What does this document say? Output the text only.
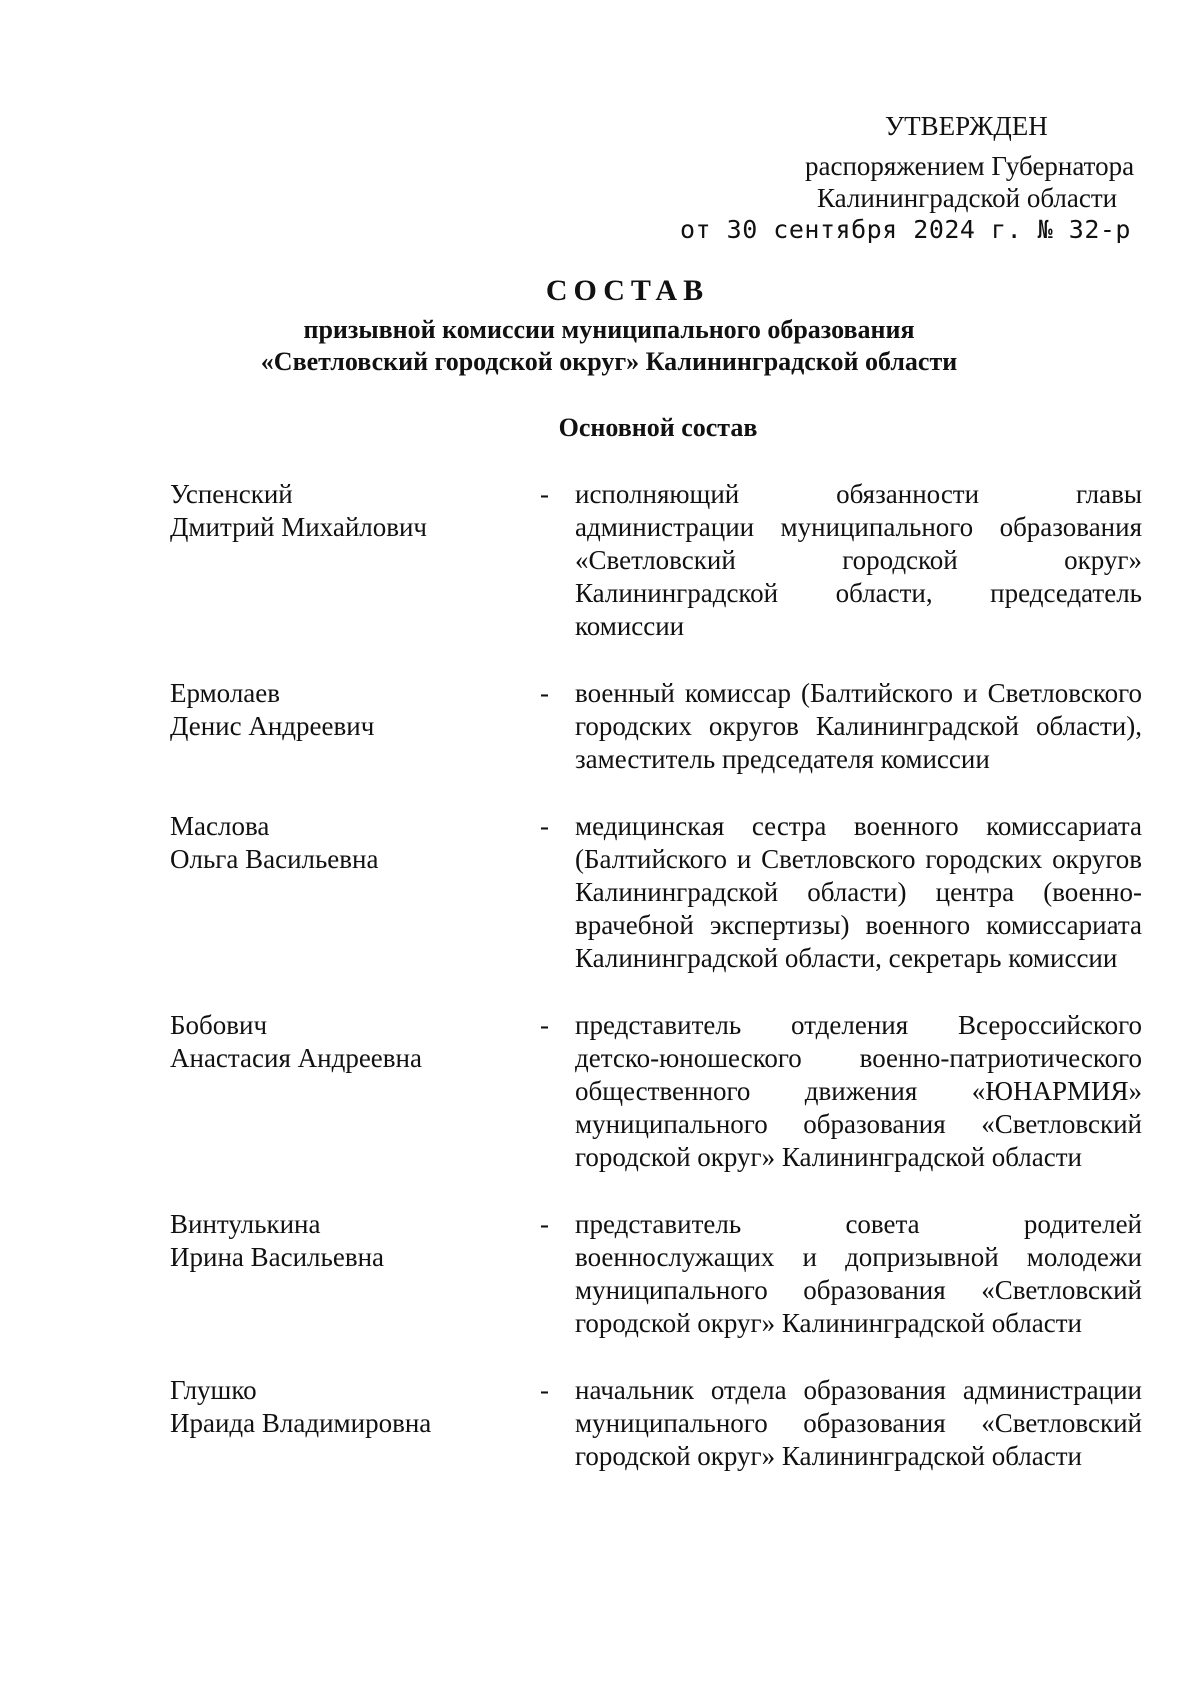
УТВЕРЖДЕН
распоряжением Губернатора
Калининградской области
от 30 сентября 2024 г. № 32-р
СОСТАВ
призывной комиссии муниципального образования
«Светловский городской округ» Калининградской области
Основной состав
Успенский
Дмитрий Михайлович
- исполняющий обязанности главы администрации муниципального образования «Светловский городской округ» Калининградской области, председатель комиссии
Ермолаев
Денис Андреевич
- военный комиссар (Балтийского и Светловского городских округов Калининградской области), заместитель председателя комиссии
Маслова
Ольга Васильевна
- медицинская сестра военного комиссариата (Балтийского и Светловского городских округов Калининградской области) центра (военно-врачебной экспертизы) военного комиссариата Калининградской области, секретарь комиссии
Бобович
Анастасия Андреевна
- представитель отделения Всероссийского детско-юношеского военно-патриотического общественного движения «ЮНАРМИЯ» муниципального образования «Светловский городской округ» Калининградской области
Винтулькина
Ирина Васильевна
- представитель совета родителей военнослужащих и допризывной молодежи муниципального образования «Светловский городской округ» Калининградской области
Глушко
Ираида Владимировна
- начальник отдела образования администрации муниципального образования «Светловский городской округ» Калининградской области
